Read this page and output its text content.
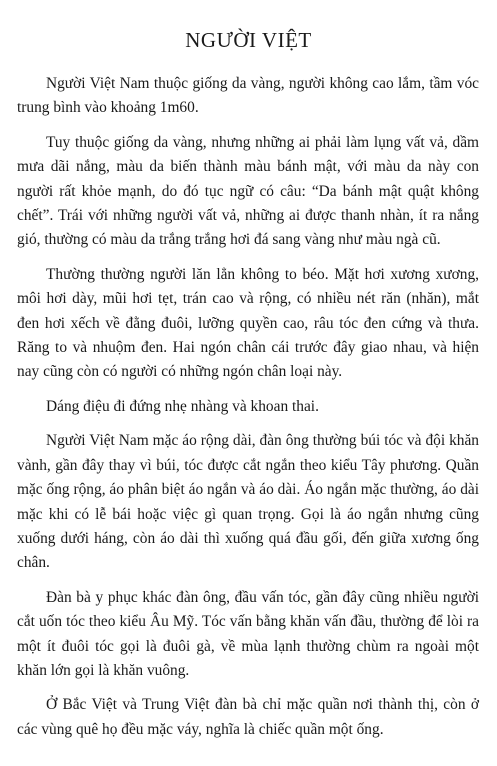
NGƯỜI VIỆT

Người Việt Nam thuộc giống da vàng, người không cao lắm, tầm vóc trung bình vào khoảng 1m60.

Tuy thuộc giống da vàng, nhưng những ai phải làm lụng vất vả, dầm mưa dãi nắng, màu da biến thành màu bánh mật, với màu da này con người rất khỏe mạnh, do đó tục ngữ có câu: “Da bánh mật quật không chết”. Trái với những người vất vả, những ai được thanh nhàn, ít ra nắng gió, thường có màu da trắng trắng hơi đá sang vàng như màu ngà cũ.

Thường thường người lăn lẳn không to béo. Mặt hơi xương xương, môi hơi dày, mũi hơi tẹt, trán cao và rộng, có nhiều nét răn (nhăn), mắt đen hơi xếch về đằng đuôi, lưỡng quyền cao, râu tóc đen cứng và thưa. Răng to và nhuộm đen. Hai ngón chân cái trước đây giao nhau, và hiện nay cũng còn có người có những ngón chân loại này.

Dáng điệu đi đứng nhẹ nhàng và khoan thai.

Người Việt Nam mặc áo rộng dài, đàn ông thường búi tóc và đội khăn vành, gần đây thay vì búi, tóc được cắt ngắn theo kiểu Tây phương. Quần mặc ống rộng, áo phân biệt áo ngắn và áo dài. Áo ngắn mặc thường, áo dài mặc khi có lễ bái hoặc việc gì quan trọng. Gọi là áo ngắn nhưng cũng xuống dưới háng, còn áo dài thì xuống quá đầu gối, đến giữa xương ống chân.

Đàn bà y phục khác đàn ông, đầu vấn tóc, gần đây cũng nhiều người cắt uốn tóc theo kiểu Âu Mỹ. Tóc vấn bằng khăn vấn đầu, thường để lòi ra một ít đuôi tóc gọi là đuôi gà, về mùa lạnh thường chùm ra ngoài một khăn lớn gọi là khăn vuông.

Ở Bắc Việt và Trung Việt đàn bà chỉ mặc quần nơi thành thị, còn ở các vùng quê họ đều mặc váy, nghĩa là chiếc quần một ống.
